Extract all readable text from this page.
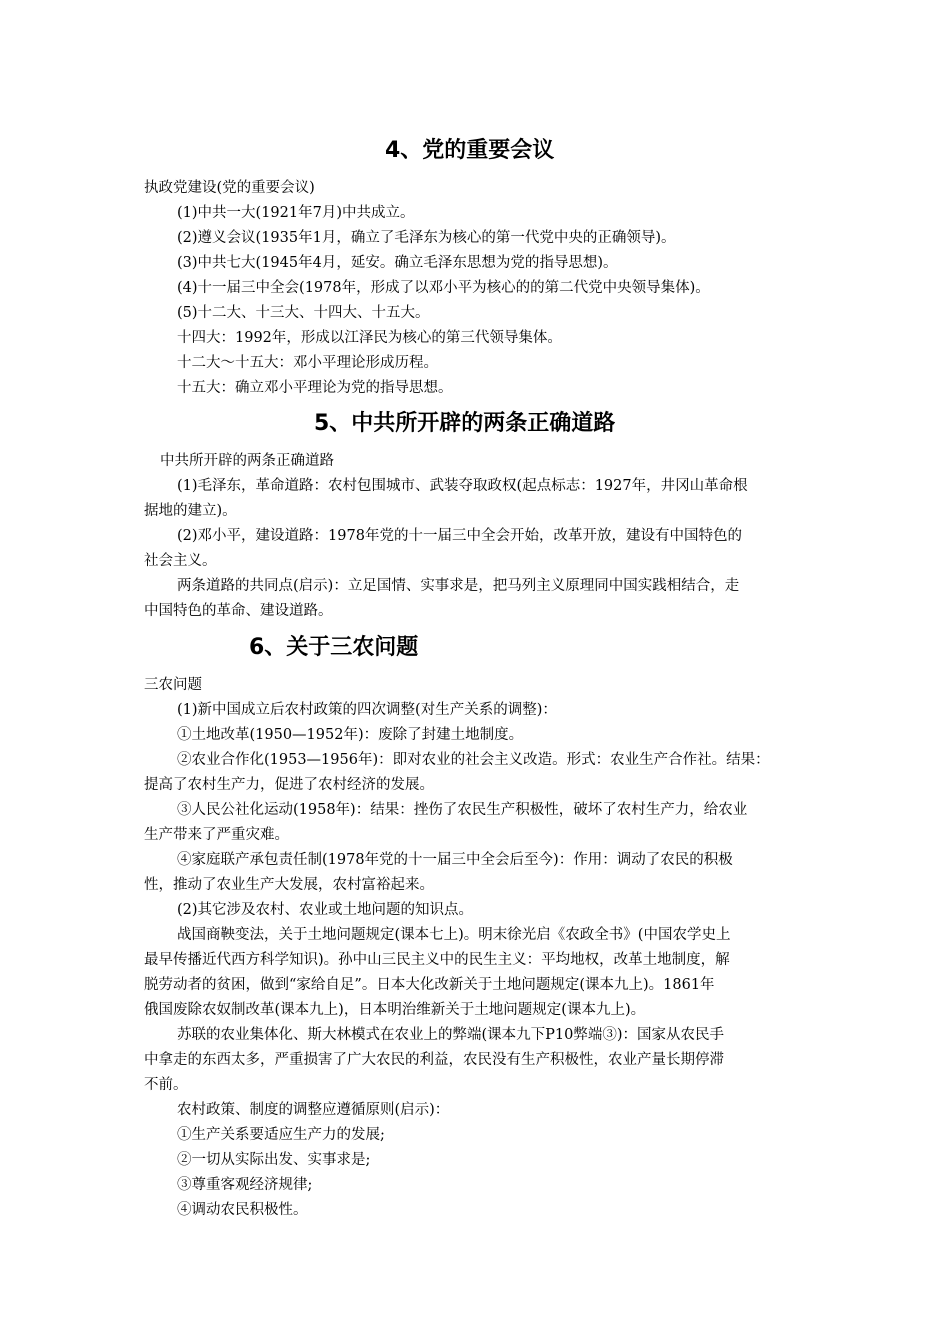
4、党的重要会议

执政党建设(党的重要会议)

(1)中共一大(1921年7月)中共成立。

(2)遵义会议(1935年1月，确立了毛泽东为核心的第一代党中央的正确领导)。

(3)中共七大(1945年4月，延安。确立毛泽东思想为党的指导思想)。

(4)十一届三中全会(1978年，形成了以邓小平为核心的的第二代党中央领导集体)。

(5)十二大、十三大、十四大、十五大。

十四大：1992年，形成以江泽民为核心的第三代领导集体。

十二大～十五大：邓小平理论形成历程。

十五大：确立邓小平理论为党的指导思想。

5、中共所开辟的两条正确道路

中共所开辟的两条正确道路

(1)毛泽东，革命道路：农村包围城市、武装夺取政权(起点标志：1927年，井冈山革命根

据地的建立)。

(2)邓小平，建设道路：1978年党的十一届三中全会开始，改革开放，建设有中国特色的

社会主义。

两条道路的共同点(启示)：立足国情、实事求是，把马列主义原理同中国实践相结合，走

中国特色的革命、建设道路。

6、关于三农问题

三农问题

(1)新中国成立后农村政策的四次调整(对生产关系的调整)：

①土地改革(1950—1952年)：废除了封建土地制度。

②农业合作化(1953—1956年)：即对农业的社会主义改造。形式：农业生产合作社。结果：

提高了农村生产力，促进了农村经济的发展。

③人民公社化运动(1958年)：结果：挫伤了农民生产积极性，破坏了农村生产力，给农业

生产带来了严重灾难。

④家庭联产承包责任制(1978年党的十一届三中全会后至今)：作用：调动了农民的积极

性，推动了农业生产大发展，农村富裕起来。

(2)其它涉及农村、农业或土地问题的知识点。

战国商鞅变法，关于土地问题规定(课本七上)。明末徐光启《农政全书》(中国农学史上

最早传播近代西方科学知识)。孙中山三民主义中的民生主义：平均地权，改革土地制度，解

脱劳动者的贫困，做到“家给自足”。日本大化改新关于土地问题规定(课本九上)。1861年

俄国废除农奴制改革(课本九上)，日本明治维新关于土地问题规定(课本九上)。

苏联的农业集体化、斯大林模式在农业上的弊端(课本九下P10弊端③)：国家从农民手

中拿走的东西太多，严重损害了广大农民的利益，农民没有生产积极性，农业产量长期停滞

不前。

农村政策、制度的调整应遵循原则(启示)：

①生产关系要适应生产力的发展;

②一切从实际出发、实事求是;

③尊重客观经济规律;

④调动农民积极性。
